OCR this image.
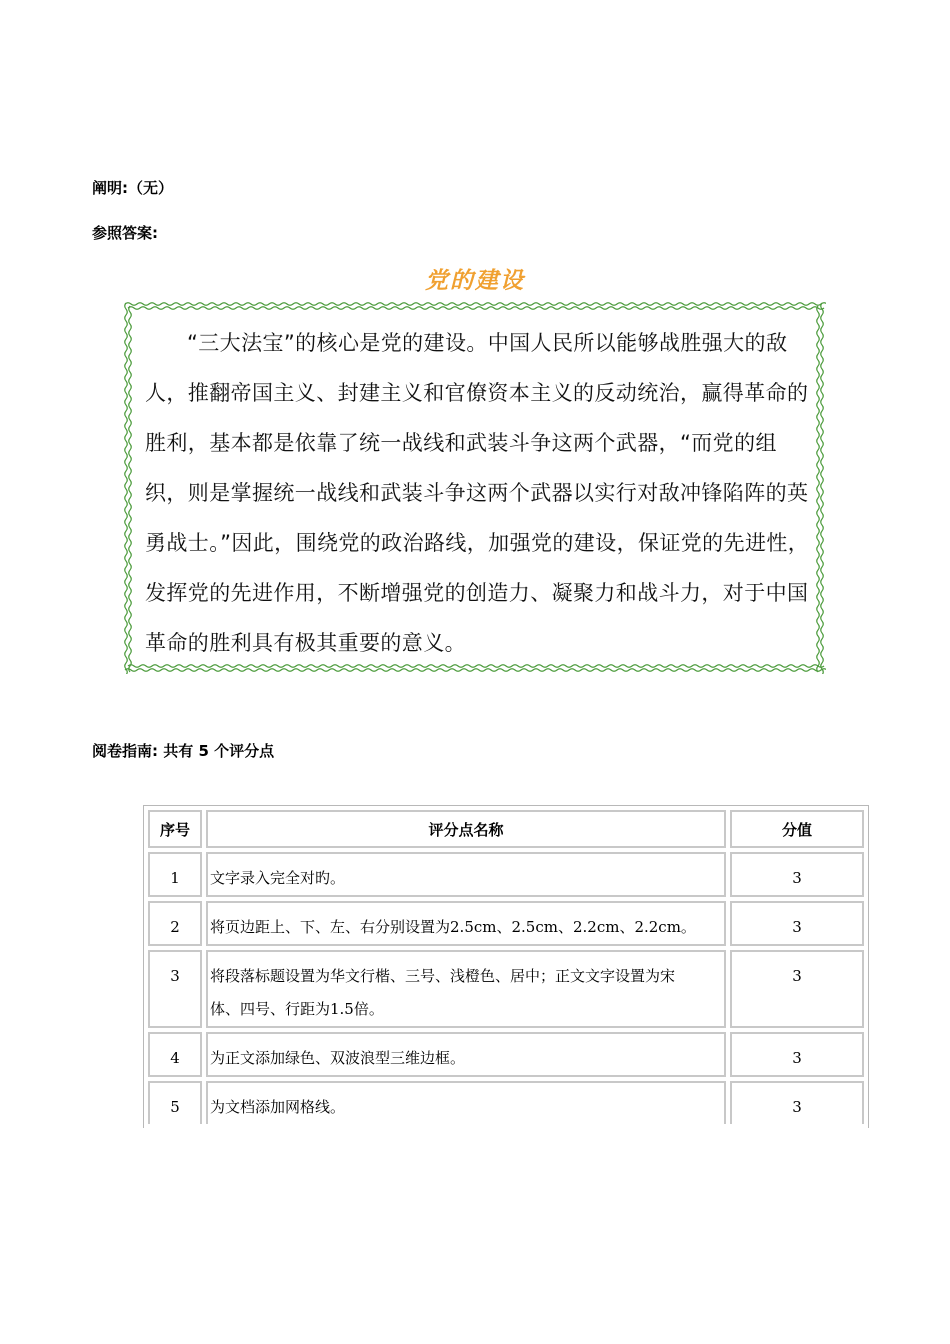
阐明:（无）
参照答案:
党的建设
“三大法宝”的核心是党的建设。中国人民所以能够战胜强大的敌人，推翻帝国主义、封建主义和官僚资本主义的反动统治，赢得革命的胜利，基本都是依靠了统一战线和武装斗争这两个武器，“而党的组织，则是掌握统一战线和武装斗争这两个武器以实行对敌冲锋陷阵的英勇战士。”因此，围绕党的政治路线，加强党的建设，保证党的先进性，发挥党的先进作用，不断增强党的创造力、凝聚力和战斗力，对于中国革命的胜利具有极其重要的意义。
阅卷指南: 共有 5 个评分点
序号	评分点名称	分值
1	文字录入完全对旳。	3
2	将页边距上、下、左、右分别设置为2.5cm、2.5cm、2.2cm、2.2cm。	3
3	将段落标题设置为华文行楷、三号、浅橙色、居中；正文文字设置为宋
体、四号、行距为1.5倍。	3
4	为正文添加绿色、双波浪型三维边框。	3
5	为文档添加网格线。	3
